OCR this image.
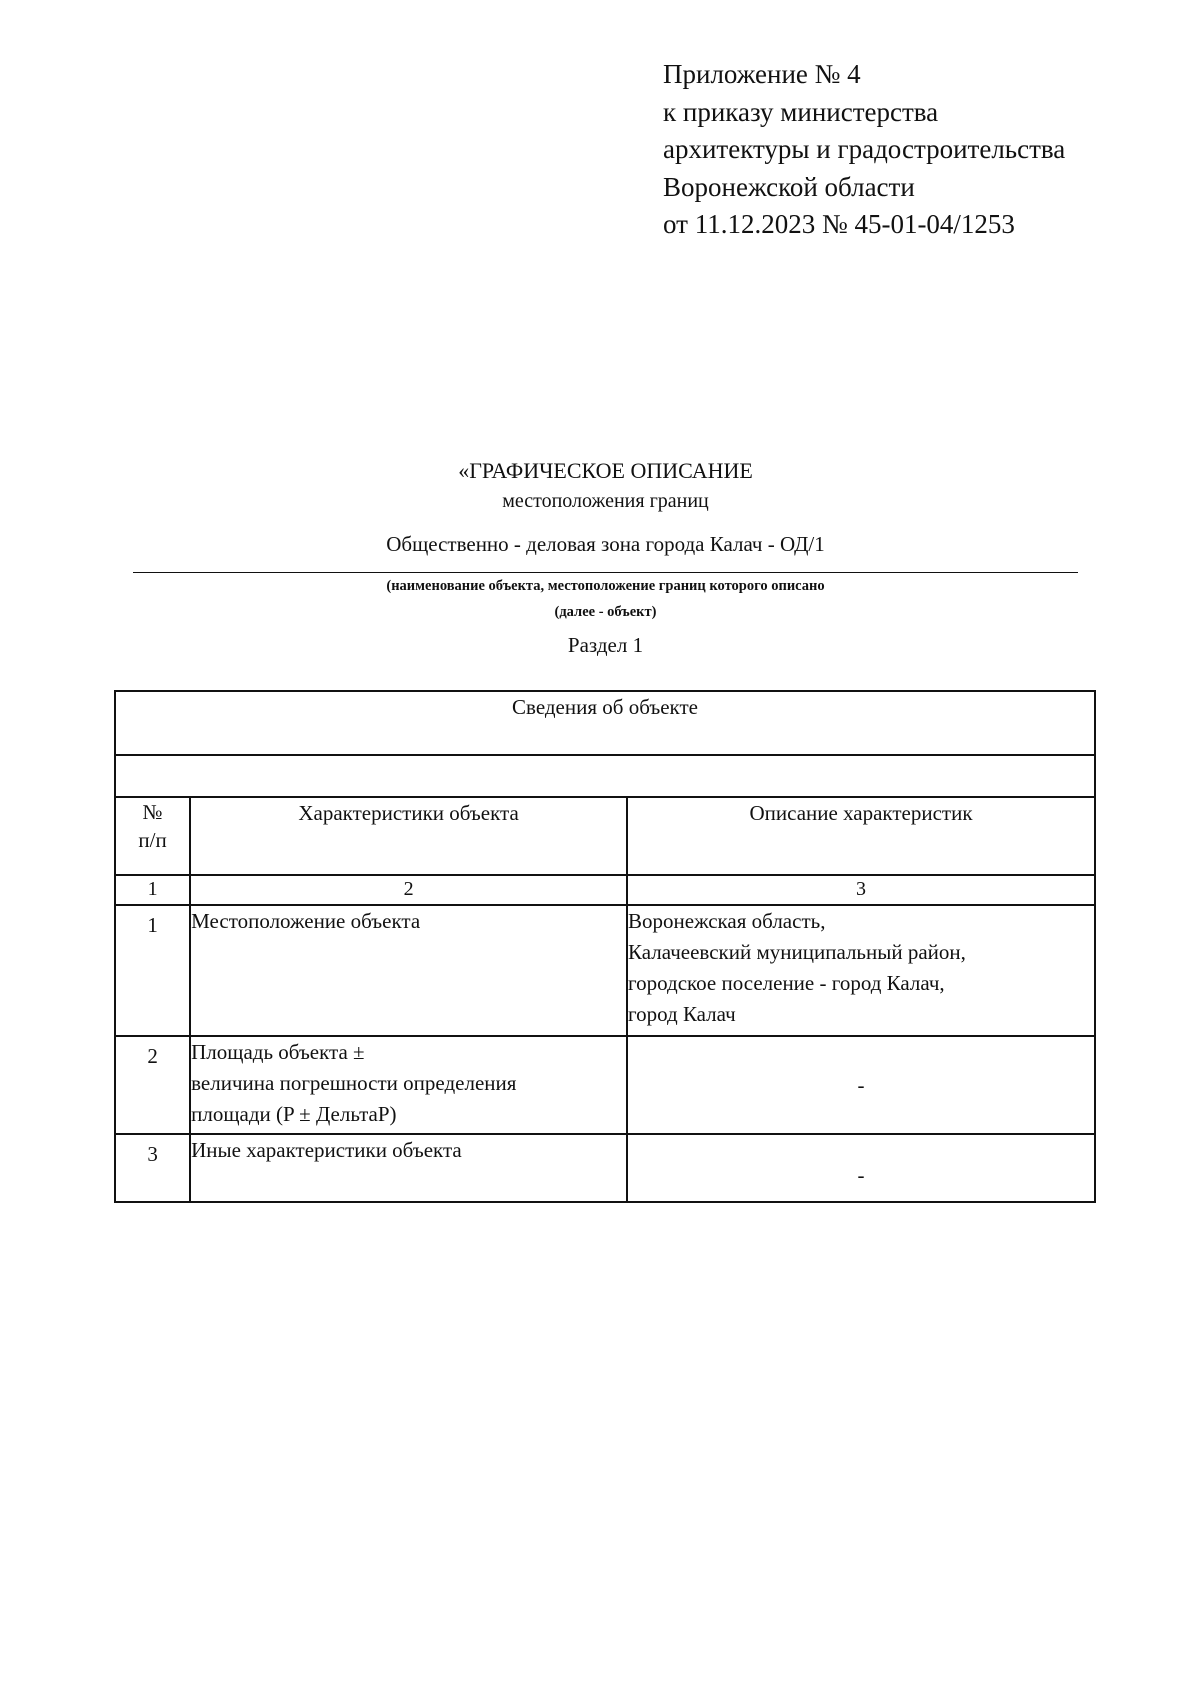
Приложение № 4
к приказу министерства
архитектуры и градостроительства
Воронежской области
от 11.12.2023 № 45-01-04/1253
«ГРАФИЧЕСКОЕ ОПИСАНИЕ
местоположения границ
Общественно - деловая зона города Калач - ОД/1
(наименование объекта, местоположение границ которого описано
(далее - объект)
Раздел 1
Сведения об объекте		

№
п/п	Характеристики объекта	Описание характеристик
1	2	3
1	Местоположение объекта	Воронежская область,
Калачеевский муниципальный район,
городское поселение - город Калач,
город Калач

2	Площадь объекта ±
величина погрешности определения
площади (P ± ДельтаP)	-
3	Иные характеристики объекта	-
